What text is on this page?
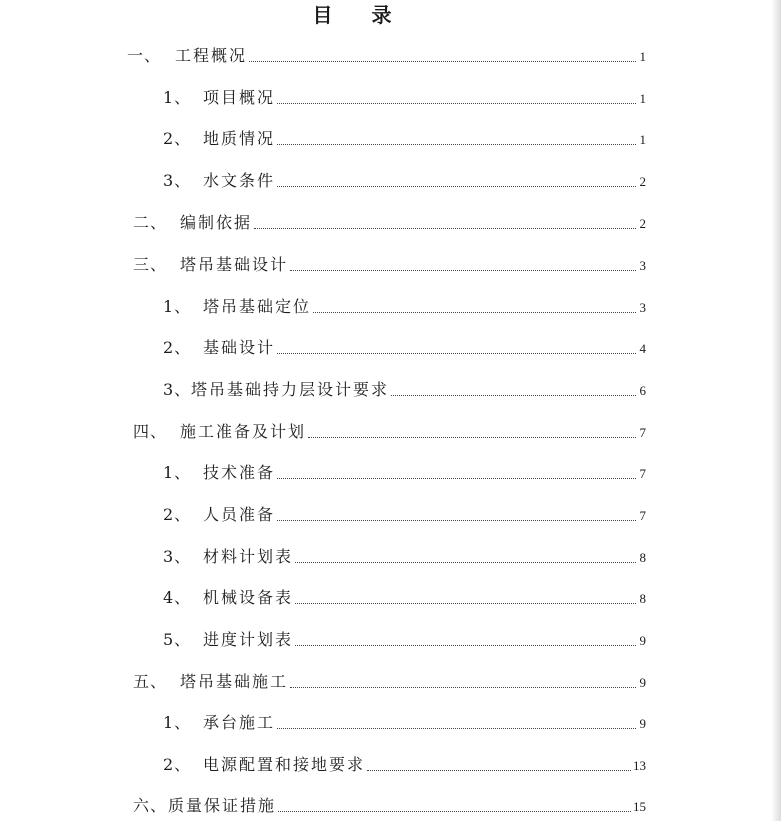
目 录
一、 工程概况	1
1、 项目概况	1
2、 地质情况	1
3、 水文条件	2
二、 编制依据	2
三、 塔吊基础设计	3
1、 塔吊基础定位	3
2、 基础设计	4
3、 塔吊基础持力层设计要求	6
四、 施工准备及计划	7
1、 技术准备	7
2、 人员准备	7
3、 材料计划表	8
4、 机械设备表	8
5、 进度计划表	9
五、 塔吊基础施工	9
1、 承台施工	9
2、 电源配置和接地要求	13
六、 质量保证措施	15
